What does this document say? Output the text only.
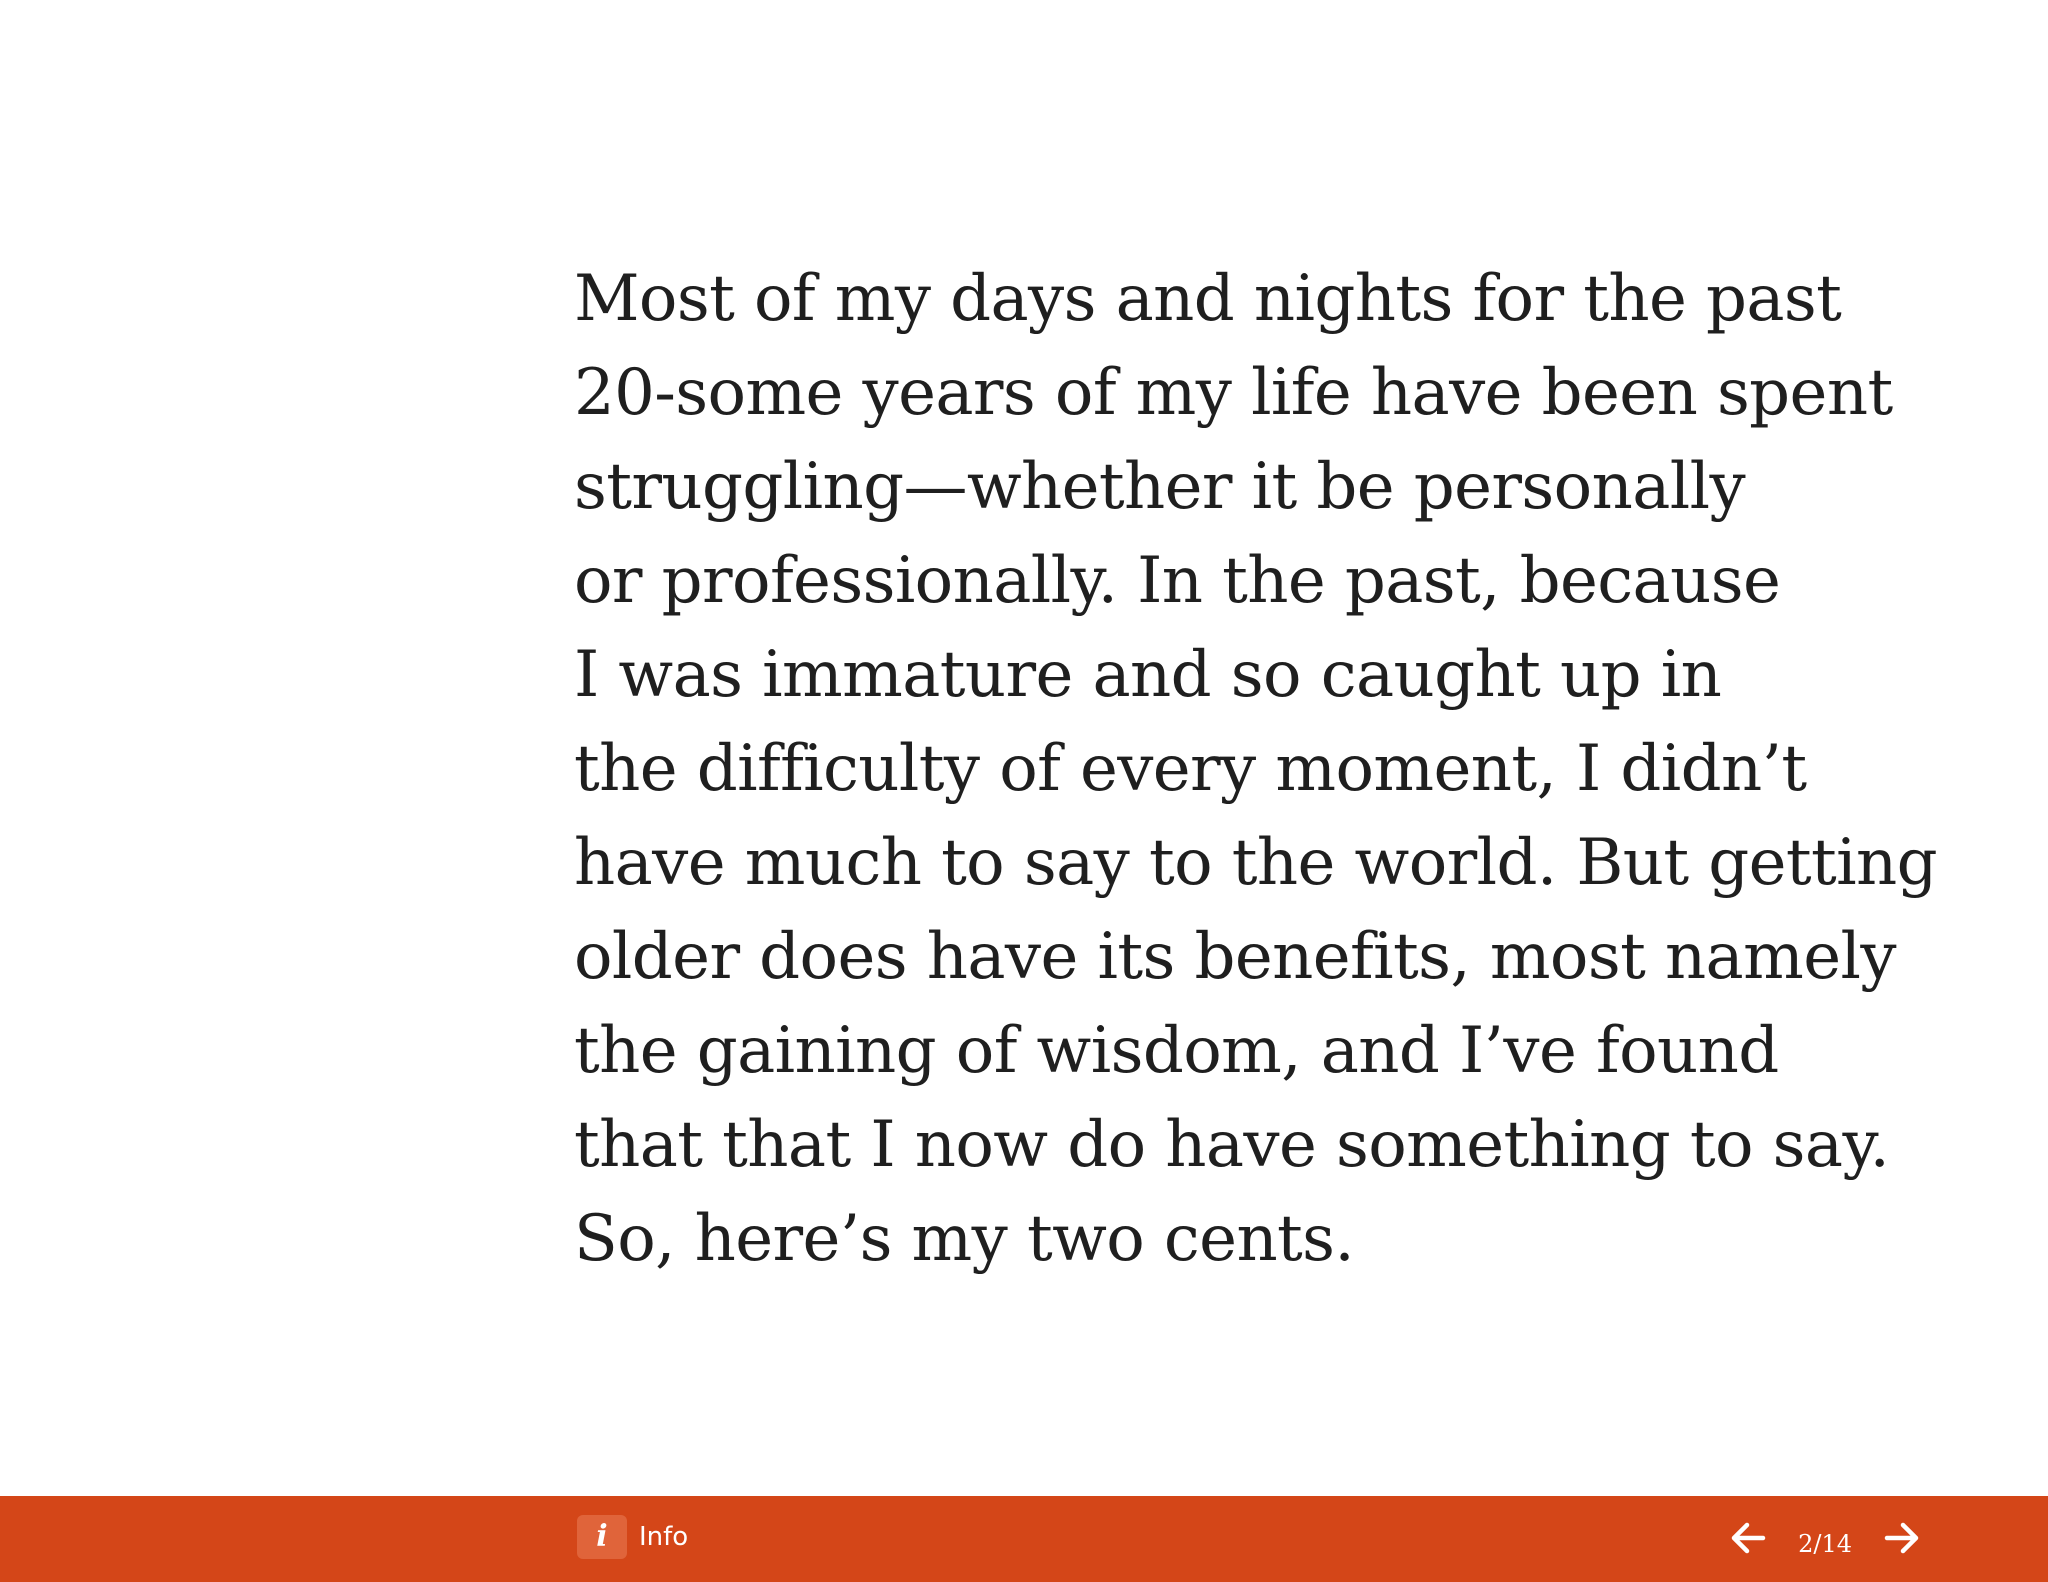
Most of my days and nights for the past
20-some years of my life have been spent
struggling—whether it be personally
or professionally. In the past, because
I was immature and so caught up in
the difficulty of every moment, I didn’t
have much to say to the world. But getting
older does have its benefits, most namely
the gaining of wisdom, and I’ve found
that that I now do have something to say.
So, here’s my two cents.
i	Info	2/14
